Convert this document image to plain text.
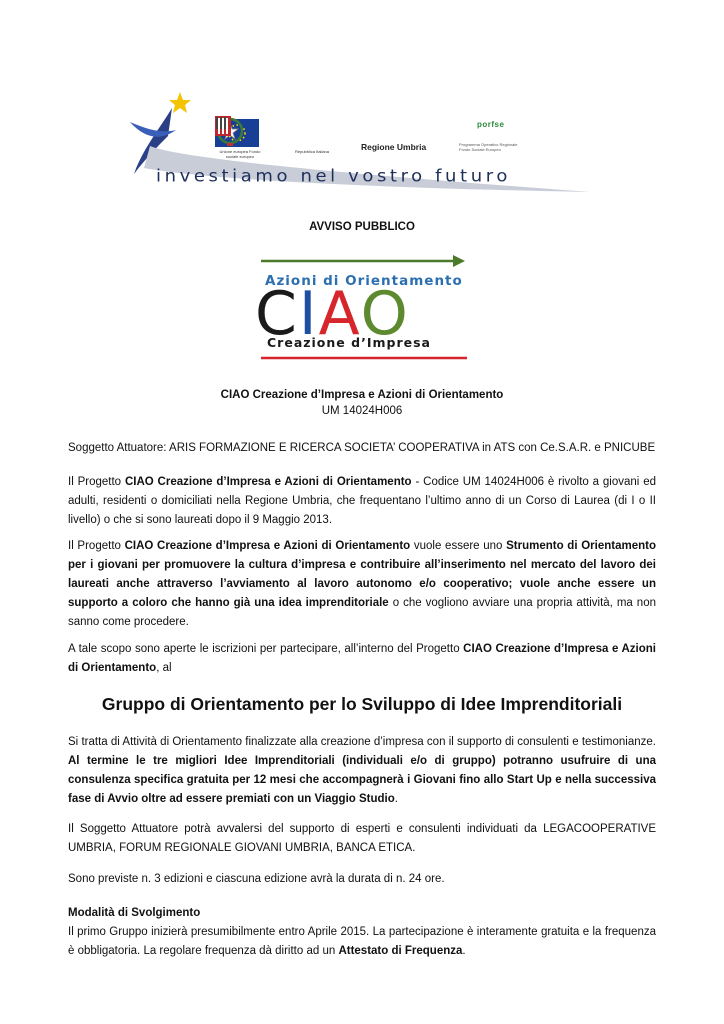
Unione europea Fondo sociale europeo
Repubblica Italiana	Regione Umbria
porfse
Programma Operativo Regionale Fondo Sociale Europeo
investiamo nel vostro futuro
AVVISO PUBBLICO
Azioni di Orientamento
CIAO
Creazione d’Impresa
CIAO Creazione d’Impresa e Azioni di Orientamento
UM 14024H006
Soggetto Attuatore: ARIS FORMAZIONE E RICERCA SOCIETA’ COOPERATIVA in ATS con Ce.S.A.R. e PNICUBE
Il Progetto CIAO Creazione d’Impresa e Azioni di Orientamento - Codice UM 14024H006 è rivolto a giovani ed adulti, residenti o domiciliati nella Regione Umbria, che frequentano l’ultimo anno di un Corso di Laurea (di I o II livello) o che si sono laureati dopo il 9 Maggio 2013.
Il Progetto CIAO Creazione d’Impresa e Azioni di Orientamento vuole essere uno Strumento di Orientamento per i giovani per promuovere la cultura d’impresa e contribuire all’inserimento nel mercato del lavoro dei laureati anche attraverso l’avviamento al lavoro autonomo e/o cooperativo; vuole anche essere un supporto a coloro che hanno già una idea imprenditoriale o che vogliono avviare una propria attività, ma non sanno come procedere.
A tale scopo sono aperte le iscrizioni per partecipare, all’interno del Progetto CIAO Creazione d’Impresa e Azioni di Orientamento, al
Gruppo di Orientamento per lo Sviluppo di Idee Imprenditoriali
Si tratta di Attività di Orientamento finalizzate alla creazione d’impresa con il supporto di consulenti e testimonianze. Al termine le tre migliori Idee Imprenditoriali (individuali e/o di gruppo) potranno usufruire di una consulenza specifica gratuita per 12 mesi che accompagnerà i Giovani fino allo Start Up e nella successiva fase di Avvio oltre ad essere premiati con un Viaggio Studio.
Il Soggetto Attuatore potrà avvalersi del supporto di esperti e consulenti individuati da LEGACOOPERATIVE UMBRIA, FORUM REGIONALE GIOVANI UMBRIA, BANCA ETICA.
Sono previste n. 3 edizioni e ciascuna edizione avrà la durata di n. 24 ore.
Modalità di Svolgimento
Il primo Gruppo inizierà presumibilmente entro Aprile 2015. La partecipazione è interamente gratuita e la frequenza è obbligatoria. La regolare frequenza dà diritto ad un Attestato di Frequenza.
